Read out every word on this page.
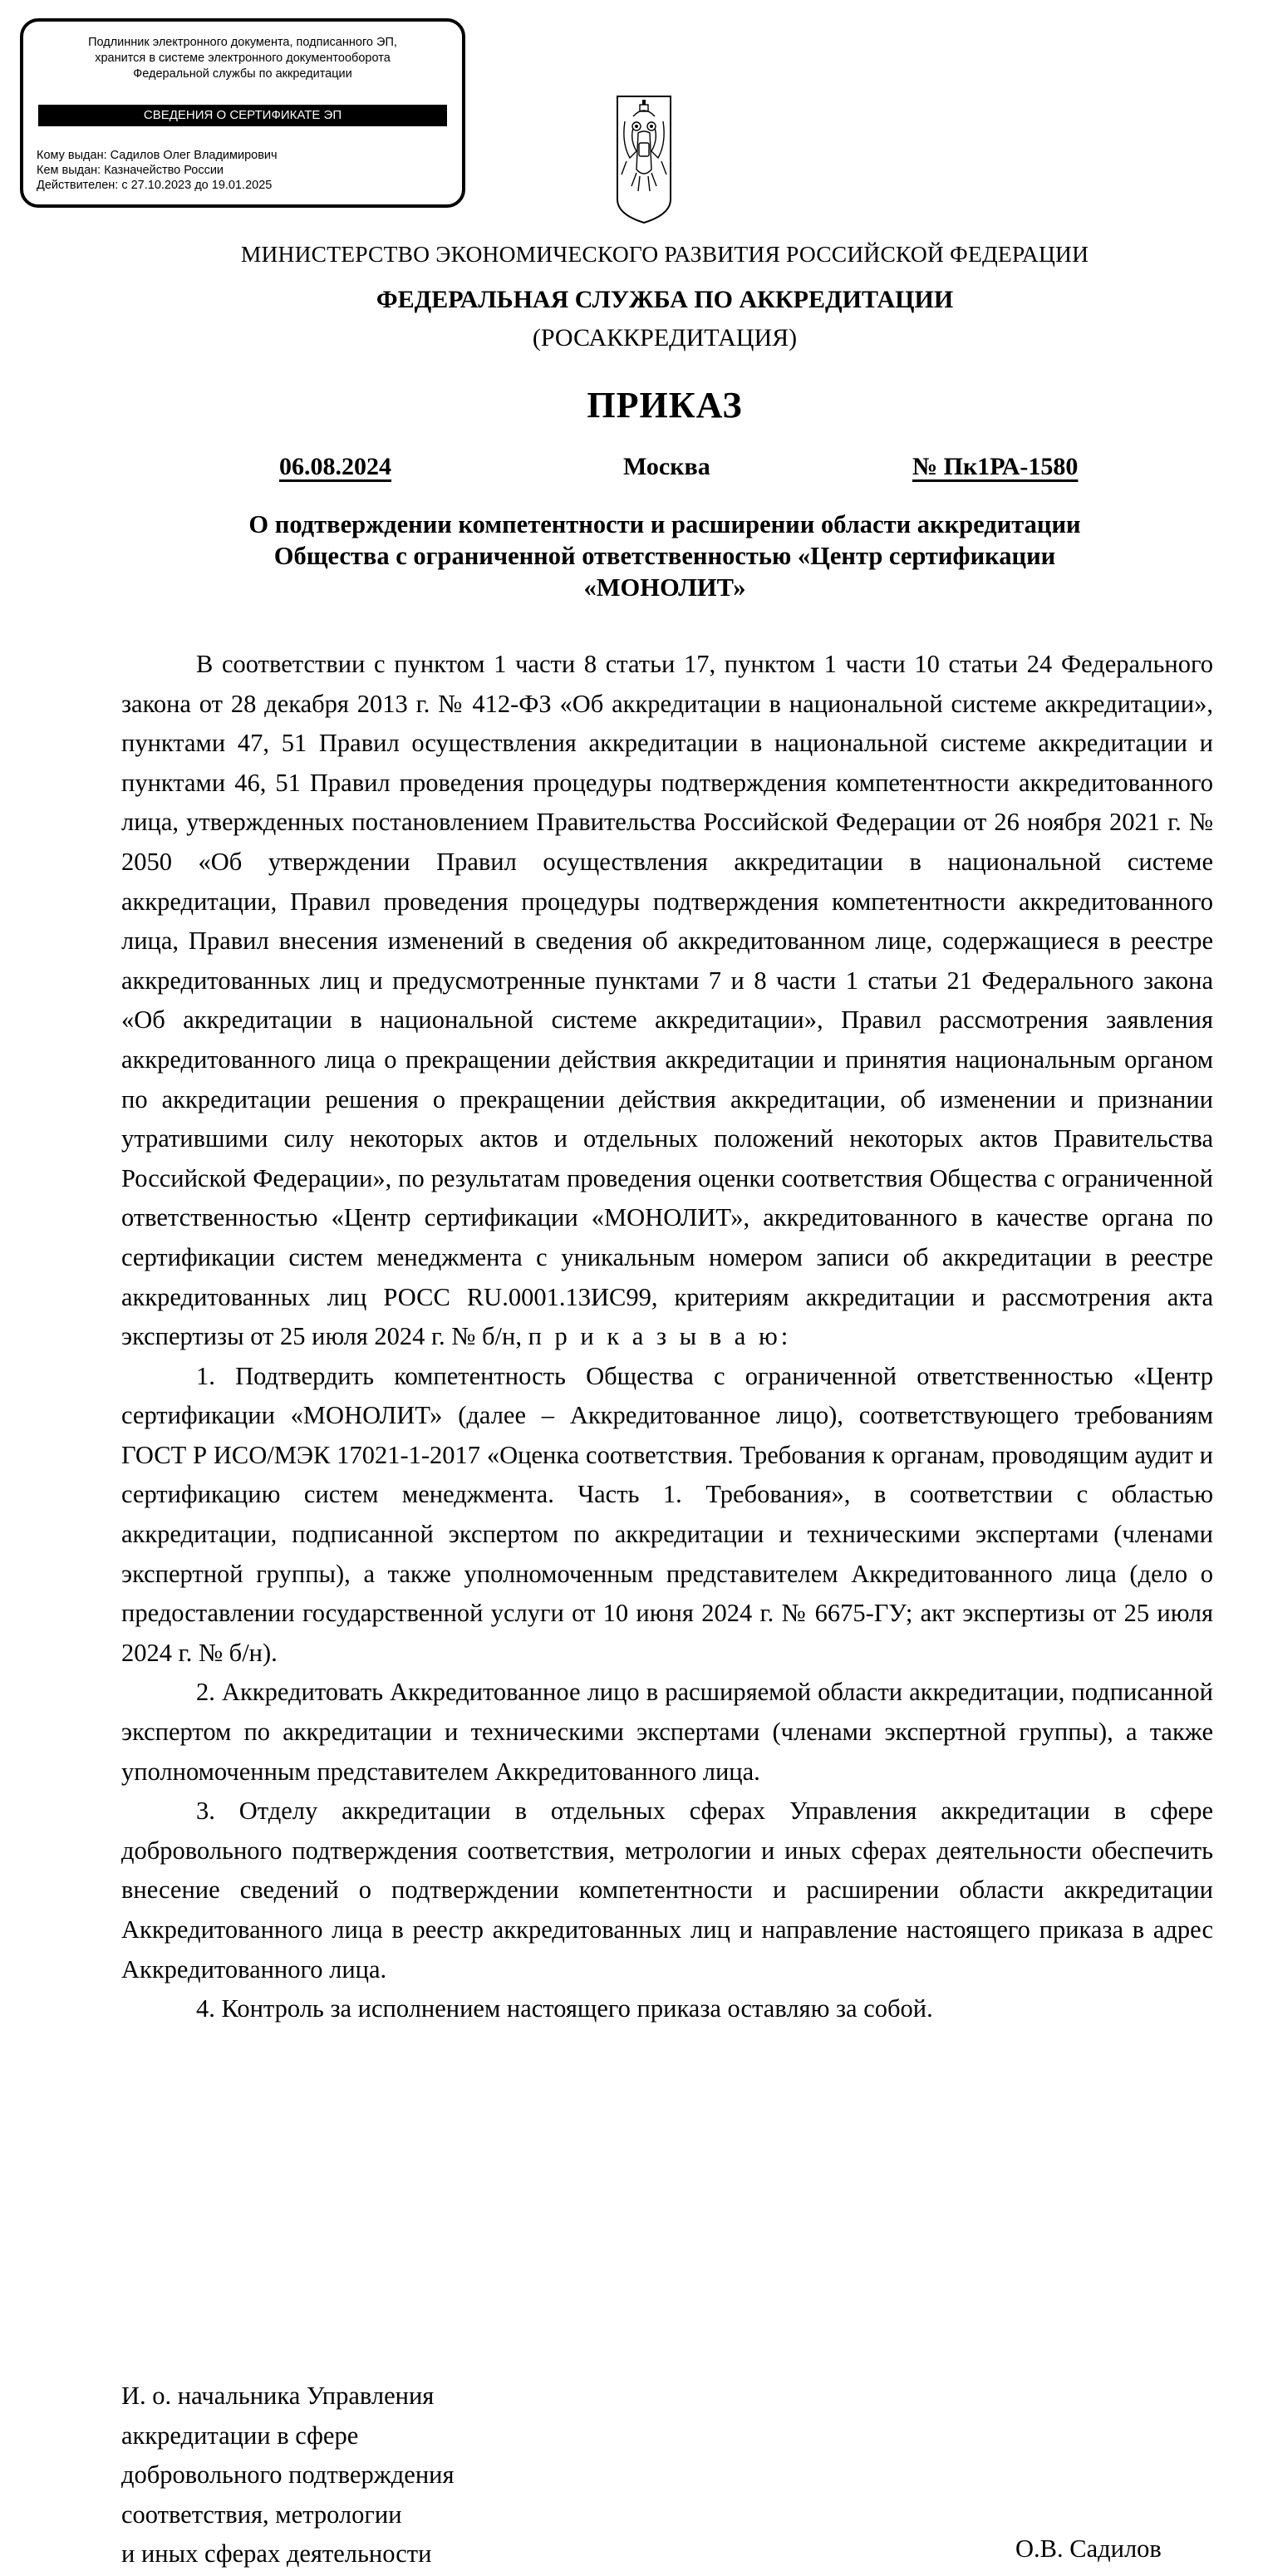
Подлинник электронного документа, подписанного ЭП,
хранится в системе электронного документооборота
Федеральной службы по аккредитации
СВЕДЕНИЯ О СЕРТИФИКАТЕ ЭП
Кому выдан: Садилов Олег Владимирович
Кем выдан: Казначейство России
Действителен: с 27.10.2023 до 19.01.2025
МИНИСТЕРСТВО ЭКОНОМИЧЕСКОГО РАЗВИТИЯ РОССИЙСКОЙ ФЕДЕРАЦИИ
ФЕДЕРАЛЬНАЯ СЛУЖБА ПО АККРЕДИТАЦИИ
(РОСАККРЕДИТАЦИЯ)
ПРИКАЗ
06.08.2024	Москва	№ Пк1РА-1580
О подтверждении компетентности и расширении области аккредитации
Общества с ограниченной ответственностью «Центр сертификации
«МОНОЛИТ»

В соответствии с пунктом 1 части 8 статьи 17, пунктом 1 части 10 статьи 24 Федерального закона от 28 декабря 2013 г. № 412-ФЗ «Об аккредитации в национальной системе аккредитации», пунктами 47, 51 Правил осуществления аккредитации в национальной системе аккредитации и пунктами 46, 51 Правил проведения процедуры подтверждения компетентности аккредитованного лица, утвержденных постановлением Правительства Российской Федерации от 26 ноября 2021 г. № 2050 «Об утверждении Правил осуществления аккредитации в национальной системе аккредитации, Правил проведения процедуры подтверждения компетентности аккредитованного лица, Правил внесения изменений в сведения об аккредитованном лице, содержащиеся в реестре аккредитованных лиц и предусмотренные пунктами 7 и 8 части 1 статьи 21 Федерального закона «Об аккредитации в национальной системе аккредитации», Правил рассмотрения заявления аккредитованного лица о прекращении действия аккредитации и принятия национальным органом по аккредитации решения о прекращении действия аккредитации, об изменении и признании утратившими силу некоторых актов и отдельных положений некоторых актов Правительства Российской Федерации», по результатам проведения оценки соответствия Общества с ограниченной ответственностью «Центр сертификации «МОНОЛИТ», аккредитованного в качестве органа по сертификации систем менеджмента с уникальным номером записи об аккредитации в реестре аккредитованных лиц РОСС RU.0001.13ИС99, критериям аккредитации и рассмотрения акта экспертизы от 25 июля 2024 г. № б/н, п р и к а з ы в а ю:

1. Подтвердить компетентность Общества с ограниченной ответственностью «Центр сертификации «МОНОЛИТ» (далее – Аккредитованное лицо), соответствующего требованиям ГОСТ Р ИСО/МЭК 17021-1-2017 «Оценка соответствия. Требования к органам, проводящим аудит и сертификацию систем менеджмента. Часть 1. Требования», в соответствии с областью аккредитации, подписанной экспертом по аккредитации и техническими экспертами (членами экспертной группы), а также уполномоченным представителем Аккредитованного лица (дело о предоставлении государственной услуги от 10 июня 2024 г. № 6675-ГУ; акт экспертизы от 25 июля 2024 г. № б/н).

2. Аккредитовать Аккредитованное лицо в расширяемой области аккредитации, подписанной экспертом по аккредитации и техническими экспертами (членами экспертной группы), а также уполномоченным представителем Аккредитованного лица.

3. Отделу аккредитации в отдельных сферах Управления аккредитации в сфере добровольного подтверждения соответствия, метрологии и иных сферах деятельности обеспечить внесение сведений о подтверждении компетентности и расширении области аккредитации Аккредитованного лица в реестр аккредитованных лиц и направление настоящего приказа в адрес Аккредитованного лица.

4. Контроль за исполнением настоящего приказа оставляю за собой.

И. о. начальника Управления
аккредитации в сфере
добровольного подтверждения
соответствия, метрологии
и иных сферах деятельности	О.В. Садилов
